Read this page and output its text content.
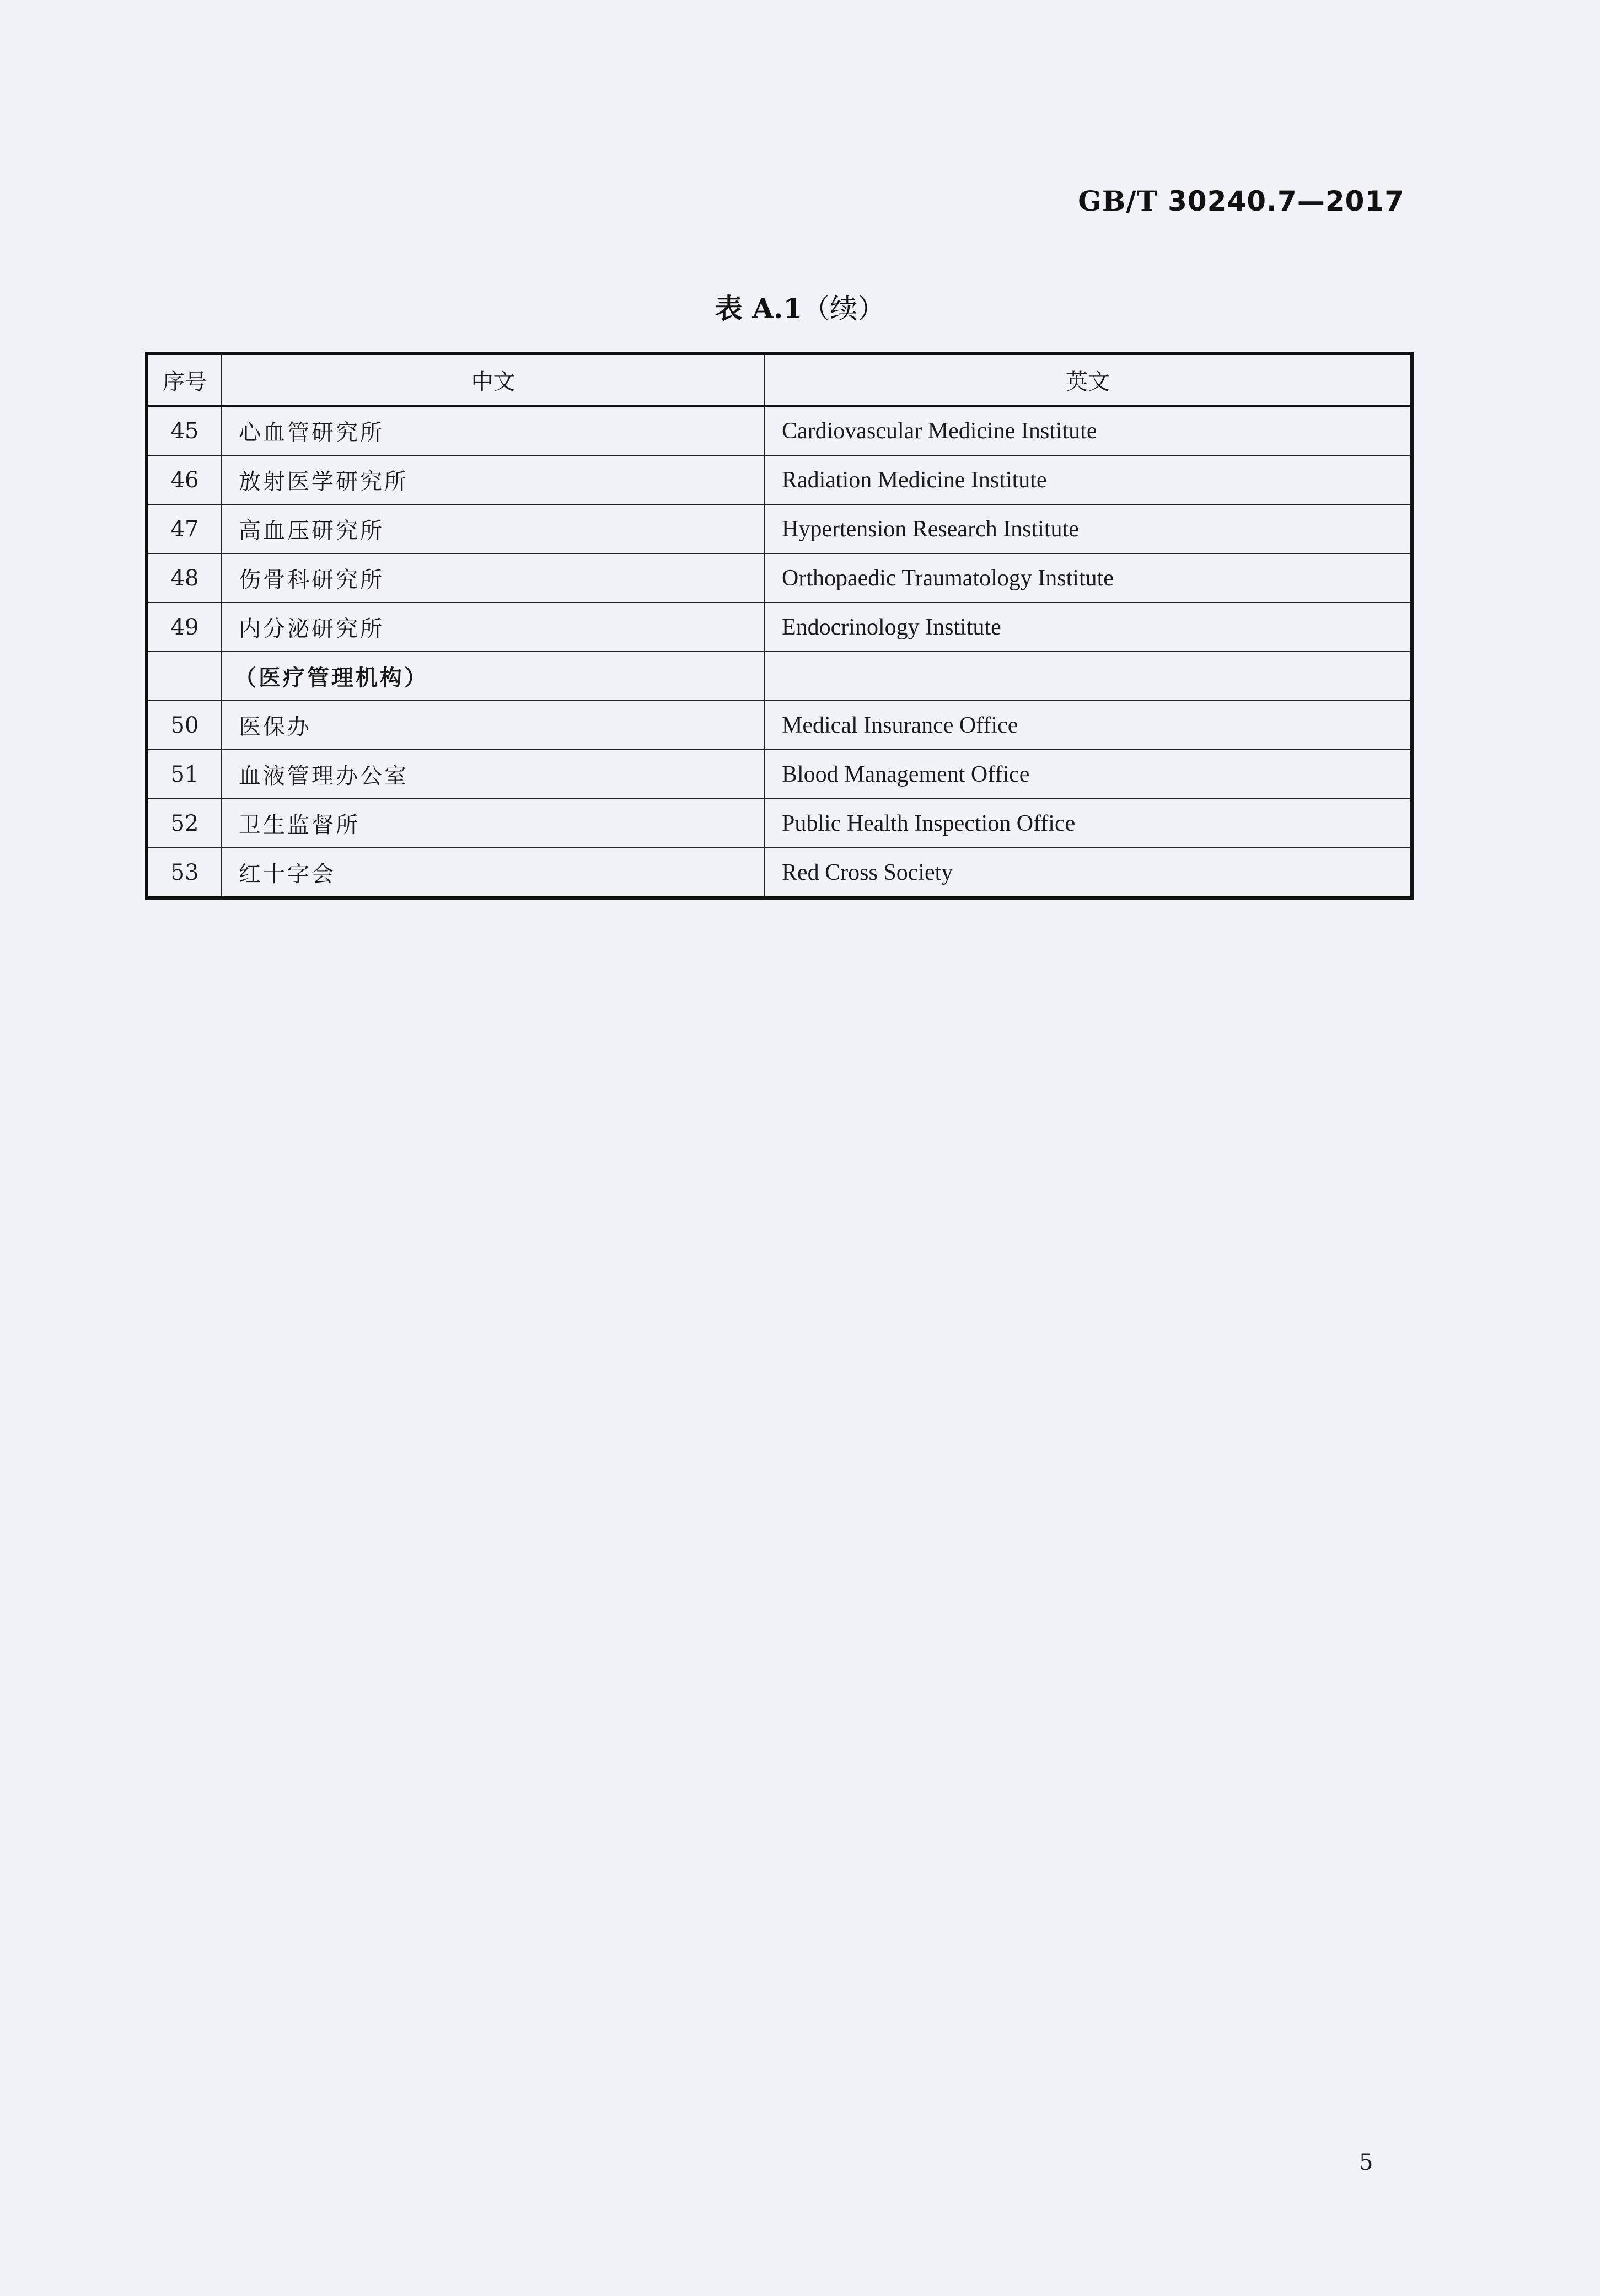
GB/T 30240.7—2017
表 A.1（续）
序号	中文	英文
45	心血管研究所	Cardiovascular Medicine Institute
46	放射医学研究所	Radiation Medicine Institute
47	高血压研究所	Hypertension Research Institute
48	伤骨科研究所	Orthopaedic Traumatology Institute
49	内分泌研究所	Endocrinology Institute
	（医疗管理机构）	
50	医保办	Medical Insurance Office
51	血液管理办公室	Blood Management Office
52	卫生监督所	Public Health Inspection Office
53	红十字会	Red Cross Society
5
